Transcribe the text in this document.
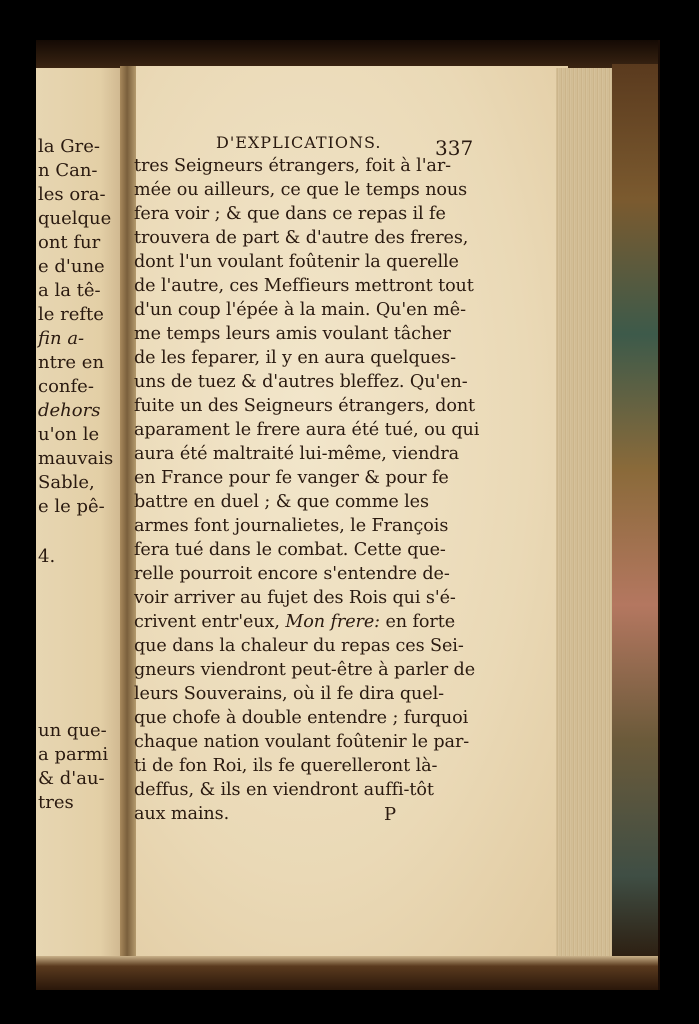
la Gre-
n Can-
les ora-
quelque
ont fur
e d'une
a la tê-
le refte
fin a-
ntre en
confe-
dehors
u'on le
mauvais
Sable,
e le pê-
4.
un que-
a parmi
& d'au-
tres
D'EXPLICATIONS.	337
tres Seigneurs étrangers, foit à l'ar-
mée ou ailleurs, ce que le temps nous
fera voir ; & que dans ce repas il fe
trouvera de part & d'autre des freres,
dont l'un voulant foûtenir la querelle
de l'autre, ces Meffieurs mettront tout
d'un coup l'épée à la main. Qu'en mê-
me temps leurs amis voulant tâcher
de les feparer, il y en aura quelques-
uns de tuez & d'autres bleffez. Qu'en-
fuite un des Seigneurs étrangers, dont
aparament le frere aura été tué, ou qui
aura été maltraité lui-même, viendra
en France pour fe vanger & pour fe
battre en duel ; & que comme les
armes font journalietes, le François
fera tué dans le combat. Cette que-
relle pourroit encore s'entendre de-
voir arriver au fujet des Rois qui s'é-
crivent entr'eux, Mon frere: en forte
que dans la chaleur du repas ces Sei-
gneurs viendront peut-être à parler de
leurs Souverains, où il fe dira quel-
que chofe à double entendre ; furquoi
chaque nation voulant foûtenir le par-
ti de fon Roi, ils fe querelleront là-
deffus, & ils en viendront auffi-tôt
aux mains.	P
